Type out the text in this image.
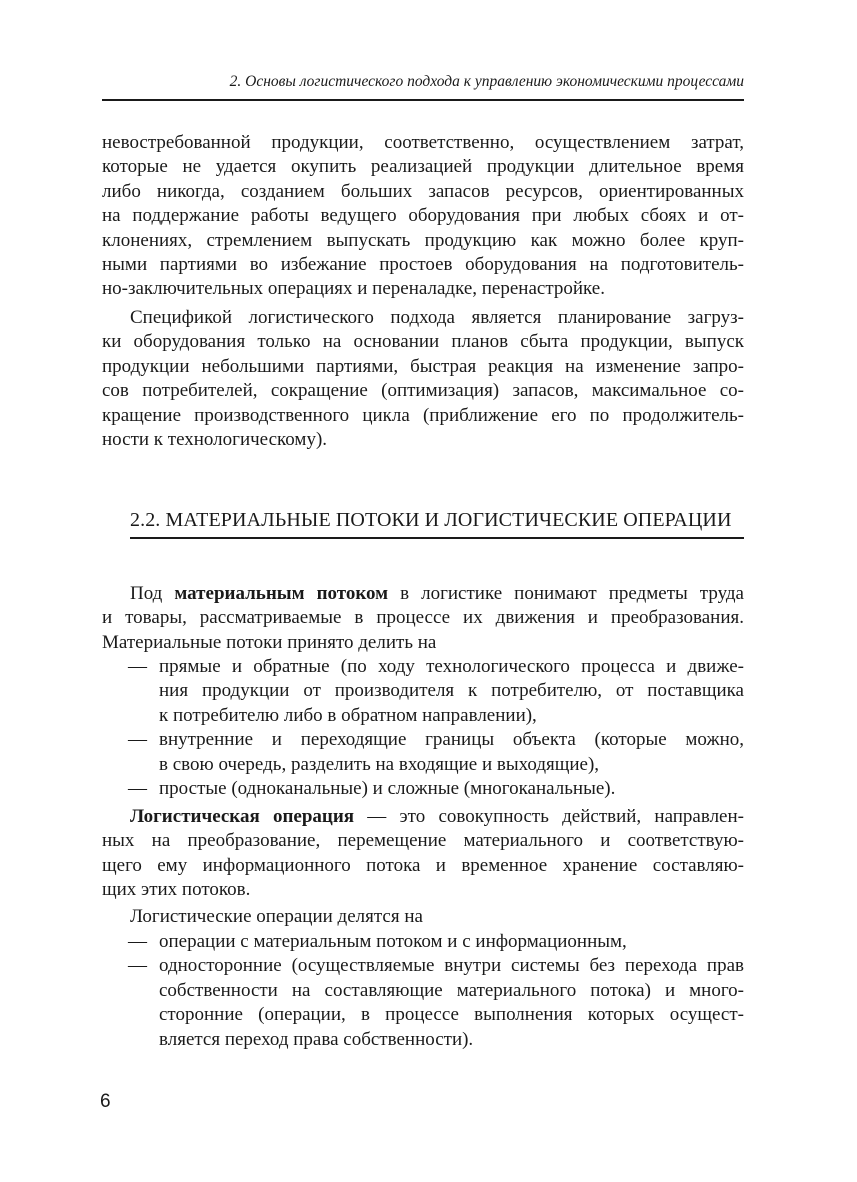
2. Основы логистического подхода к управлению экономическими процессами
невостребованной продукции, соответственно, осуществлением затрат,
которые не удается окупить реализацией продукции длительное время
либо никогда, созданием больших запасов ресурсов, ориентированных
на поддержание работы ведущего оборудования при любых сбоях и от-
клонениях, стремлением выпускать продукцию как можно более круп-
ными партиями во избежание простоев оборудования на подготовитель-
но-заключительных операциях и переналадке, перенастройке.
Спецификой логистического подхода является планирование загруз-
ки оборудования только на основании планов сбыта продукции, выпуск
продукции небольшими партиями, быстрая реакция на изменение запро-
сов потребителей, сокращение (оптимизация) запасов, максимальное со-
кращение производственного цикла (приближение его по продолжитель-
ности к технологическому).
2.2. МАТЕРИАЛЬНЫЕ ПОТОКИ И ЛОГИСТИЧЕСКИЕ ОПЕРАЦИИ
Под материальным потоком в логистике понимают предметы труда
и товары, рассматриваемые в процессе их движения и преобразования.
Материальные потоки принято делить на
— прямые и обратные (по ходу технологического процесса и движе-
ния продукции от производителя к потребителю, от поставщика
к потребителю либо в обратном направлении),
— внутренние и переходящие границы объекта (которые можно,
в свою очередь, разделить на входящие и выходящие),
— простые (одноканальные) и сложные (многоканальные).
Логистическая операция — это совокупность действий, направлен-
ных на преобразование, перемещение материального и соответствую-
щего ему информационного потока и временное хранение составляю-
щих этих потоков.
Логистические операции делятся на
— операции с материальным потоком и с информационным,
— односторонние (осуществляемые внутри системы без перехода прав
собственности на составляющие материального потока) и много-
сторонние (операции, в процессе выполнения которых осущест-
вляется переход права собственности).
6
